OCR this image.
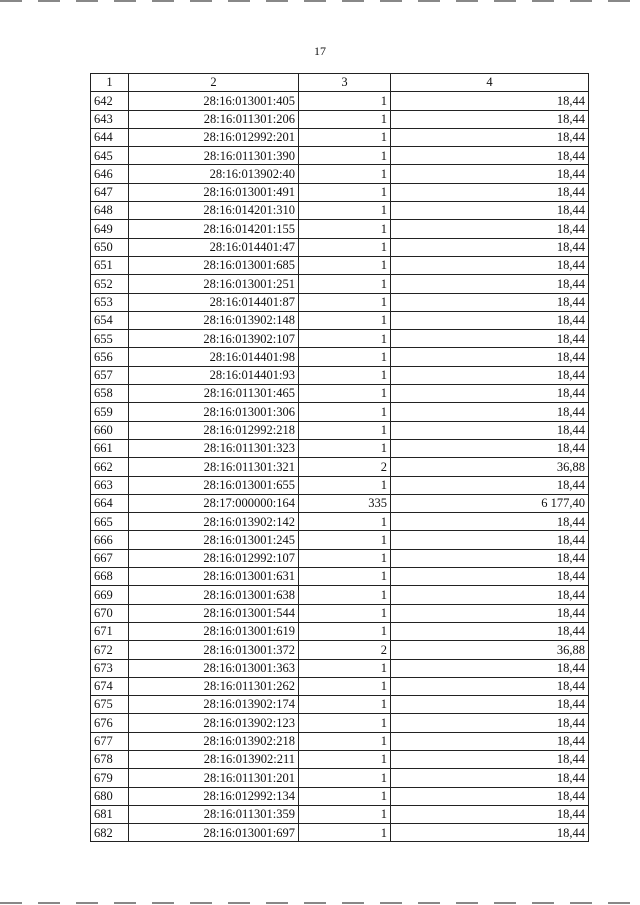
17
1	2	3	4
642	28:16:013001:405	1	18,44
643	28:16:011301:206	1	18,44
644	28:16:012992:201	1	18,44
645	28:16:011301:390	1	18,44
646	28:16:013902:40	1	18,44
647	28:16:013001:491	1	18,44
648	28:16:014201:310	1	18,44
649	28:16:014201:155	1	18,44
650	28:16:014401:47	1	18,44
651	28:16:013001:685	1	18,44
652	28:16:013001:251	1	18,44
653	28:16:014401:87	1	18,44
654	28:16:013902:148	1	18,44
655	28:16:013902:107	1	18,44
656	28:16:014401:98	1	18,44
657	28:16:014401:93	1	18,44
658	28:16:011301:465	1	18,44
659	28:16:013001:306	1	18,44
660	28:16:012992:218	1	18,44
661	28:16:011301:323	1	18,44
662	28:16:011301:321	2	36,88
663	28:16:013001:655	1	18,44
664	28:17:000000:164	335	6 177,40
665	28:16:013902:142	1	18,44
666	28:16:013001:245	1	18,44
667	28:16:012992:107	1	18,44
668	28:16:013001:631	1	18,44
669	28:16:013001:638	1	18,44
670	28:16:013001:544	1	18,44
671	28:16:013001:619	1	18,44
672	28:16:013001:372	2	36,88
673	28:16:013001:363	1	18,44
674	28:16:011301:262	1	18,44
675	28:16:013902:174	1	18,44
676	28:16:013902:123	1	18,44
677	28:16:013902:218	1	18,44
678	28:16:013902:211	1	18,44
679	28:16:011301:201	1	18,44
680	28:16:012992:134	1	18,44
681	28:16:011301:359	1	18,44
682	28:16:013001:697	1	18,44
